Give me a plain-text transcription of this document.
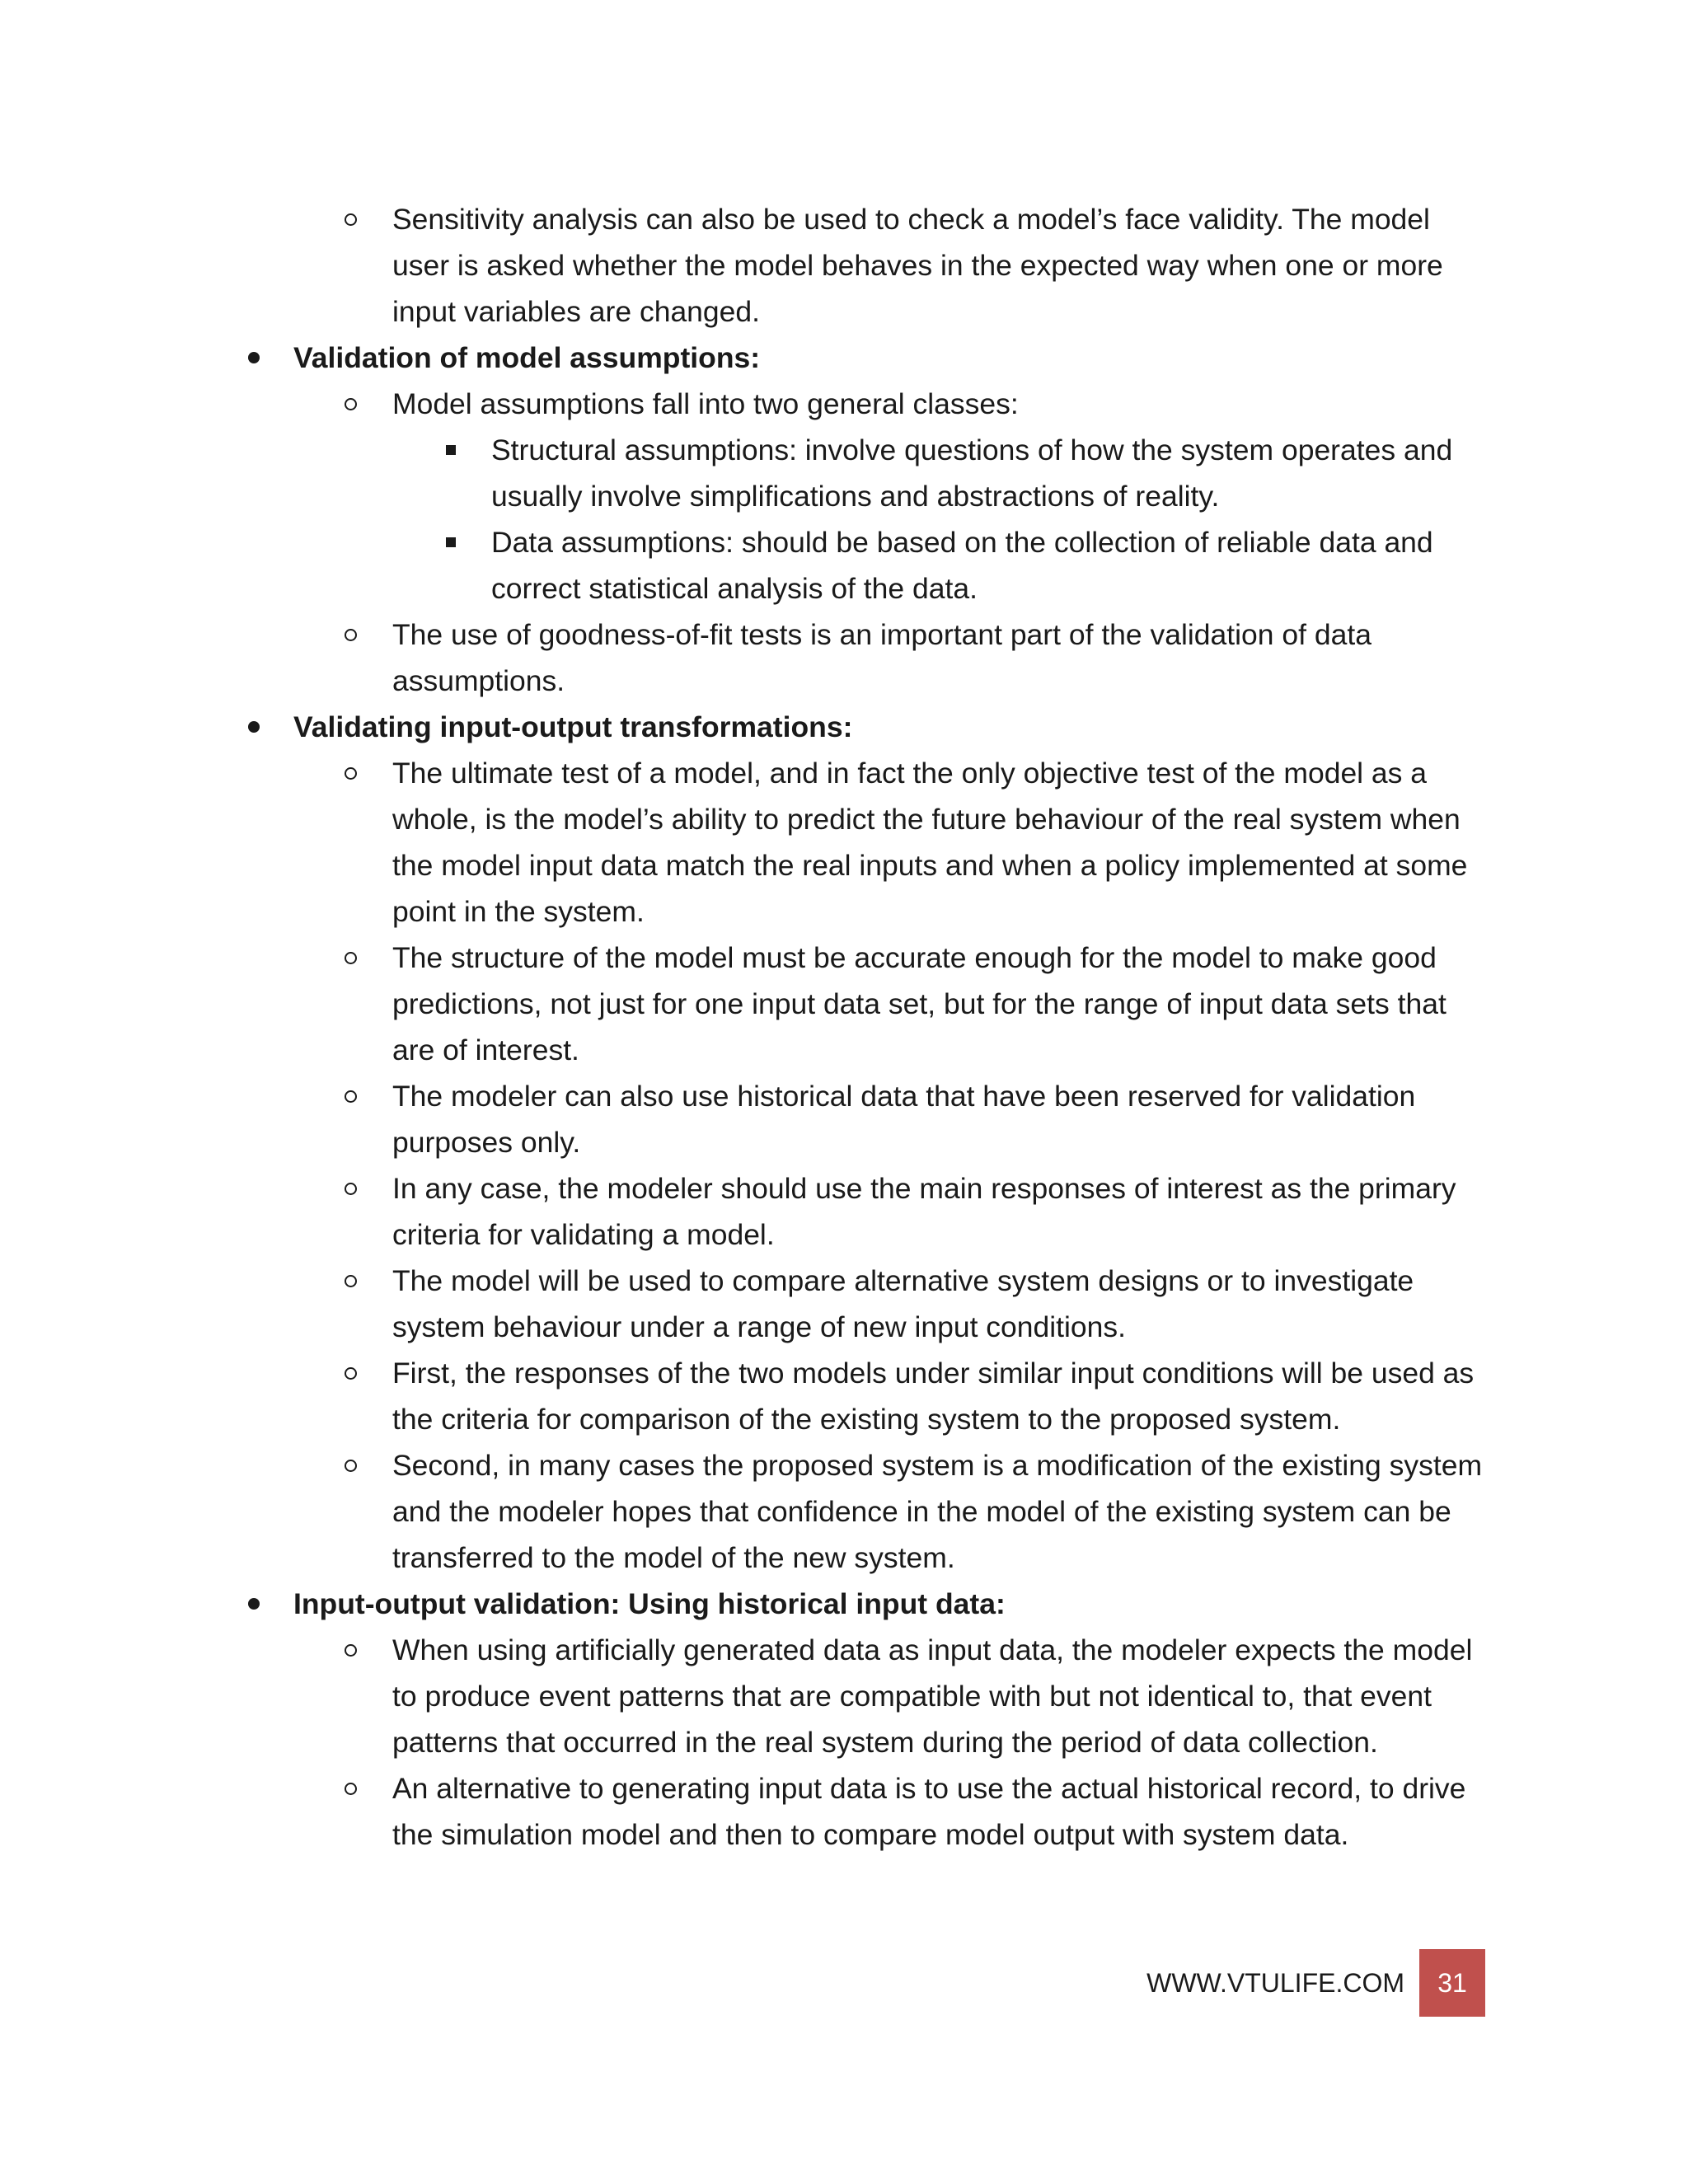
Sensitivity analysis can also be used to check a model’s face validity. The model user is asked whether the model behaves in the expected way when one or more input variables are changed.
Validation of model assumptions:
Model assumptions fall into two general classes:
Structural assumptions: involve questions of how the system operates and usually involve simplifications and abstractions of reality.
Data assumptions: should be based on the collection of reliable data and correct statistical analysis of the data.
The use of goodness-of-fit tests is an important part of the validation of data assumptions.
Validating input-output transformations:
The ultimate test of a model, and in fact the only objective test of the model as a whole, is the model’s ability to predict the future behaviour of the real system when the model input data match the real inputs and when a policy implemented at some point in the system.
The structure of the model must be accurate enough for the model to make good predictions, not just for one input data set, but for the range of input data sets that are of interest.
The modeler can also use historical data that have been reserved for validation purposes only.
In any case, the modeler should use the main responses of interest as the primary criteria for validating a model.
The model will be used to compare alternative system designs or to investigate system behaviour under a range of new input conditions.
First, the responses of the two models under similar input conditions will be used as the criteria for comparison of the existing system to the proposed system.
Second, in many cases the proposed system is a modification of the existing system and the modeler hopes that confidence in the model of the existing system can be transferred to the model of the new system.
Input-output validation: Using historical input data:
When using artificially generated data as input data, the modeler expects the model to produce event patterns that are compatible with but not identical to, that event patterns that occurred in the real system during the period of data collection.
An alternative to generating input data is to use the actual historical record, to drive the simulation model and then to compare model output with system data.
WWW.VTULIFE.COM	31
